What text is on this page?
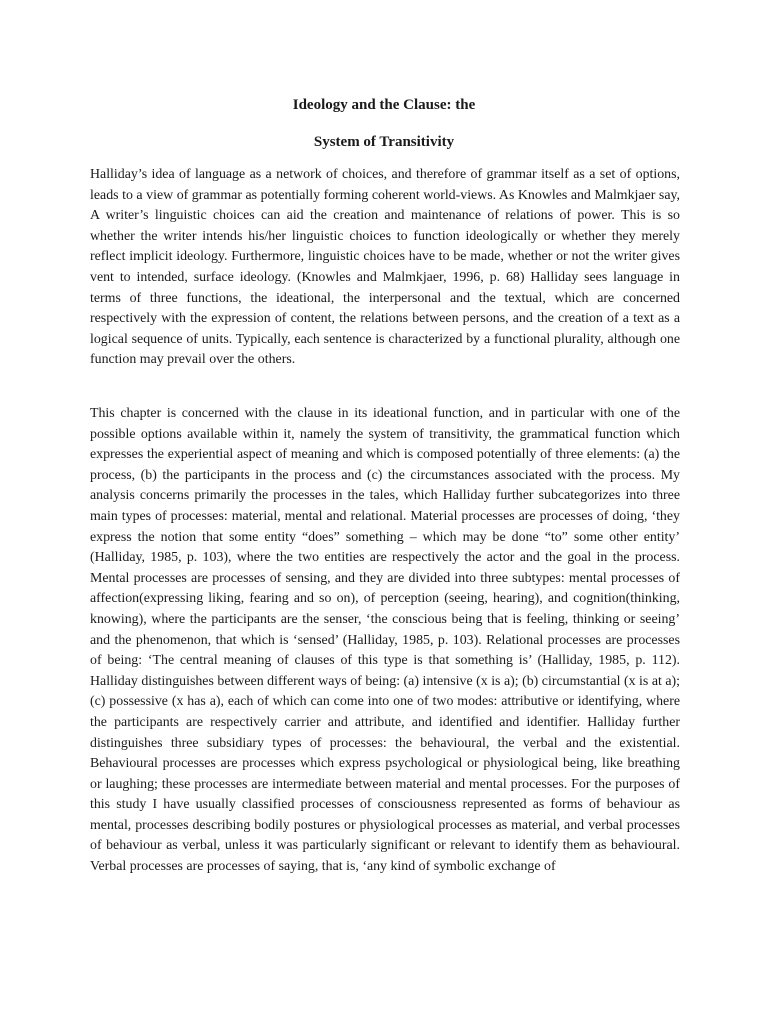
Ideology and the Clause: the
System of Transitivity

Halliday’s idea of language as a network of choices, and therefore of grammar itself as a set of options, leads to a view of grammar as potentially forming coherent world-views. As Knowles and Malmkjaer say, A writer’s linguistic choices can aid the creation and maintenance of relations of power. This is so whether the writer intends his/her linguistic choices to function ideologically or whether they merely reflect implicit ideology. Furthermore, linguistic choices have to be made, whether or not the writer gives vent to intended, surface ideology. (Knowles and Malmkjaer, 1996, p. 68) Halliday sees language in terms of three functions, the ideational, the interpersonal and the textual, which are concerned respectively with the expression of content, the relations between persons, and the creation of a text as a logical sequence of units. Typically, each sentence is characterized by a functional plurality, although one function may prevail over the others.

This chapter is concerned with the clause in its ideational function, and in particular with one of the possible options available within it, namely the system of transitivity, the grammatical function which expresses the experiential aspect of meaning and which is composed potentially of three elements: (a) the process, (b) the participants in the process and (c) the circumstances associated with the process. My analysis concerns primarily the processes in the tales, which Halliday further subcategorizes into three main types of processes: material, mental and relational. Material processes are processes of doing, ‘they express the notion that some entity “does” something – which may be done “to” some other entity’ (Halliday, 1985, p. 103), where the two entities are respectively the actor and the goal in the process. Mental processes are processes of sensing, and they are divided into three subtypes: mental processes of affection(expressing liking, fearing and so on), of perception (seeing, hearing), and cognition(thinking, knowing), where the participants are the senser, ‘the conscious being that is feeling, thinking or seeing’ and the phenomenon, that which is ‘sensed’ (Halliday, 1985, p. 103). Relational processes are processes of being: ‘The central meaning of clauses of this type is that something is’ (Halliday, 1985, p. 112). Halliday distinguishes between different ways of being: (a) intensive (x is a); (b) circumstantial (x is at a); (c) possessive (x has a), each of which can come into one of two modes: attributive or identifying, where the participants are respectively carrier and attribute, and identified and identifier. Halliday further distinguishes three subsidiary types of processes: the behavioural, the verbal and the existential. Behavioural processes are processes which express psychological or physiological being, like breathing or laughing; these processes are intermediate between material and mental processes. For the purposes of this study I have usually classified processes of consciousness represented as forms of behaviour as mental, processes describing bodily postures or physiological processes as material, and verbal processes of behaviour as verbal, unless it was particularly significant or relevant to identify them as behavioural. Verbal processes are processes of saying, that is, ‘any kind of symbolic exchange of
